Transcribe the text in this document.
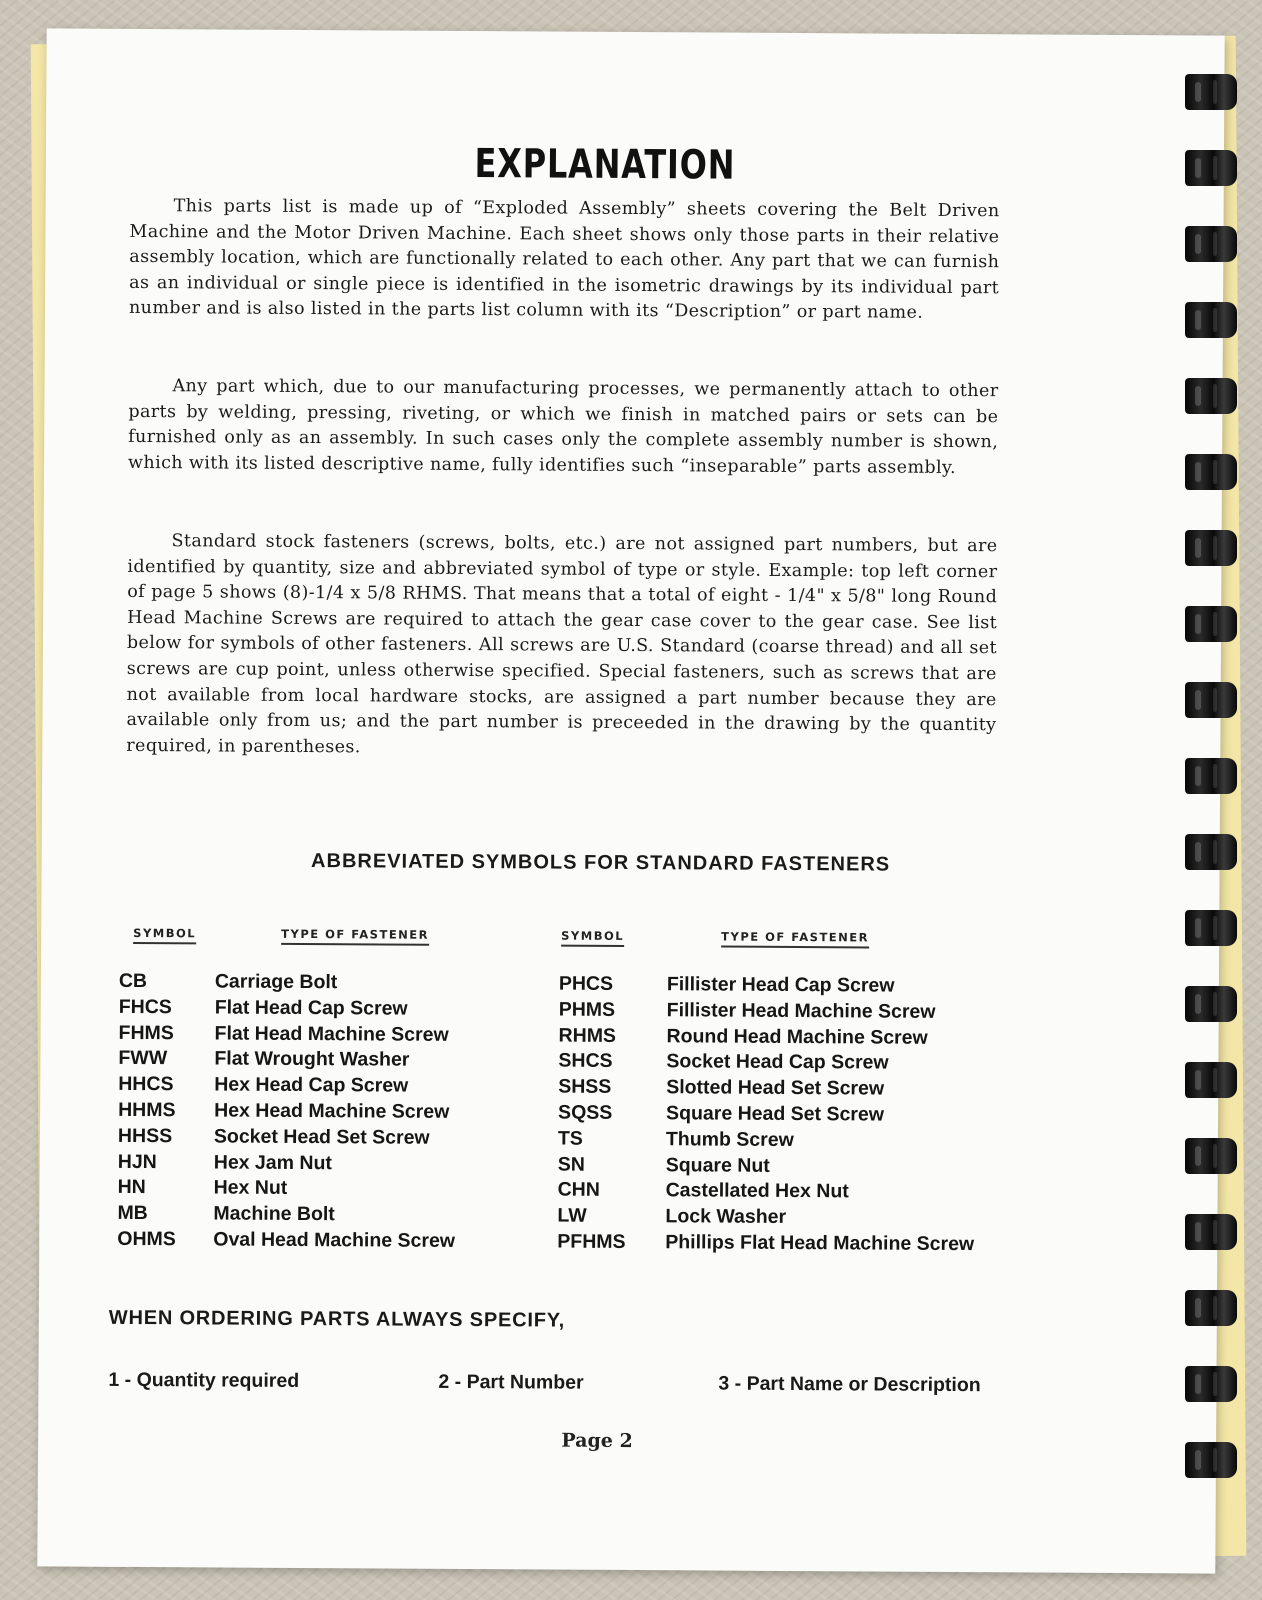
EXPLANATION

This parts list is made up of “Exploded Assembly” sheets covering the Belt Driven Machine and the Motor Driven Machine. Each sheet shows only those parts in their relative assembly location, which are functionally related to each other. Any part that we can furnish as an individual or single piece is identified in the isometric drawings by its individual part number and is also listed in the parts list column with its “Description” or part name.

Any part which, due to our manufacturing processes, we permanently attach to other parts by welding, pressing, riveting, or which we finish in matched pairs or sets can be furnished only as an assembly. In such cases only the complete assembly number is shown, which with its listed descriptive name, fully identifies such “inseparable” parts assembly.

Standard stock fasteners (screws, bolts, etc.) are not assigned part numbers, but are identified by quantity, size and abbreviated symbol of type or style. Example: top left corner of page 5 shows (8)-1/4 x 5/8 RHMS. That means that a total of eight - 1/4" x 5/8" long Round Head Machine Screws are required to attach the gear case cover to the gear case. See list below for symbols of other fasteners. All screws are U.S. Standard (coarse thread) and all set screws are cup point, unless otherwise specified. Special fasteners, such as screws that are not available from local hardware stocks, are assigned a part number because they are available only from us; and the part number is preceeded in the drawing by the quantity required, in parentheses.

ABBREVIATED SYMBOLS FOR STANDARD FASTENERS
SYMBOL	TYPE OF FASTENER	SYMBOL	TYPE OF FASTENER
CB	Carriage Bolt
FHCS	Flat Head Cap Screw
FHMS	Flat Head Machine Screw
FWW	Flat Wrought Washer
HHCS	Hex Head Cap Screw
HHMS	Hex Head Machine Screw
HHSS	Socket Head Set Screw
HJN	Hex Jam Nut
HN	Hex Nut
MB	Machine Bolt
OHMS	Oval Head Machine Screw
PHCS	Fillister Head Cap Screw
PHMS	Fillister Head Machine Screw
RHMS	Round Head Machine Screw
SHCS	Socket Head Cap Screw
SHSS	Slotted Head Set Screw
SQSS	Square Head Set Screw
TS	Thumb Screw
SN	Square Nut
CHN	Castellated Hex Nut
LW	Lock Washer
PFHMS	Phillips Flat Head Machine Screw
WHEN ORDERING PARTS ALWAYS SPECIFY,
1 - Quantity required	2 - Part Number	3 - Part Name or Description
Page 2
